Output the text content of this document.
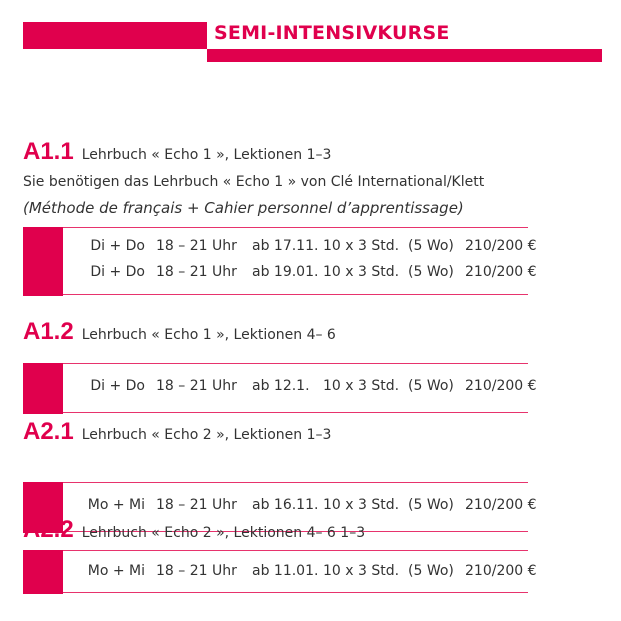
SEMI-INTENSIVKURSE
A1.1 Lehrbuch « Echo 1 », Lektionen 1–3
Sie benötigen das Lehrbuch « Echo 1 » von Clé International/Klett
(Méthode de français + Cahier personnel d’apprentissage)
Di + Do 18 – 21 Uhr ab 17.11. 10 x 3 Std. (5 Wo) 210/200 €
Di + Do 18 – 21 Uhr ab 19.01. 10 x 3 Std. (5 Wo) 210/200 €
A1.2 Lehrbuch « Echo 1 », Lektionen 4– 6
Di + Do 18 – 21 Uhr ab 12.1. 10 x 3 Std. (5 Wo) 210/200 €
A2.1 Lehrbuch « Echo 2 », Lektionen 1–3
Mo + Mi 18 – 21 Uhr ab 16.11. 10 x 3 Std. (5 Wo) 210/200 €
A2.2 Lehrbuch « Echo 2 », Lektionen 4– 6 1–3
Mo + Mi 18 – 21 Uhr ab 11.01. 10 x 3 Std. (5 Wo) 210/200 €
